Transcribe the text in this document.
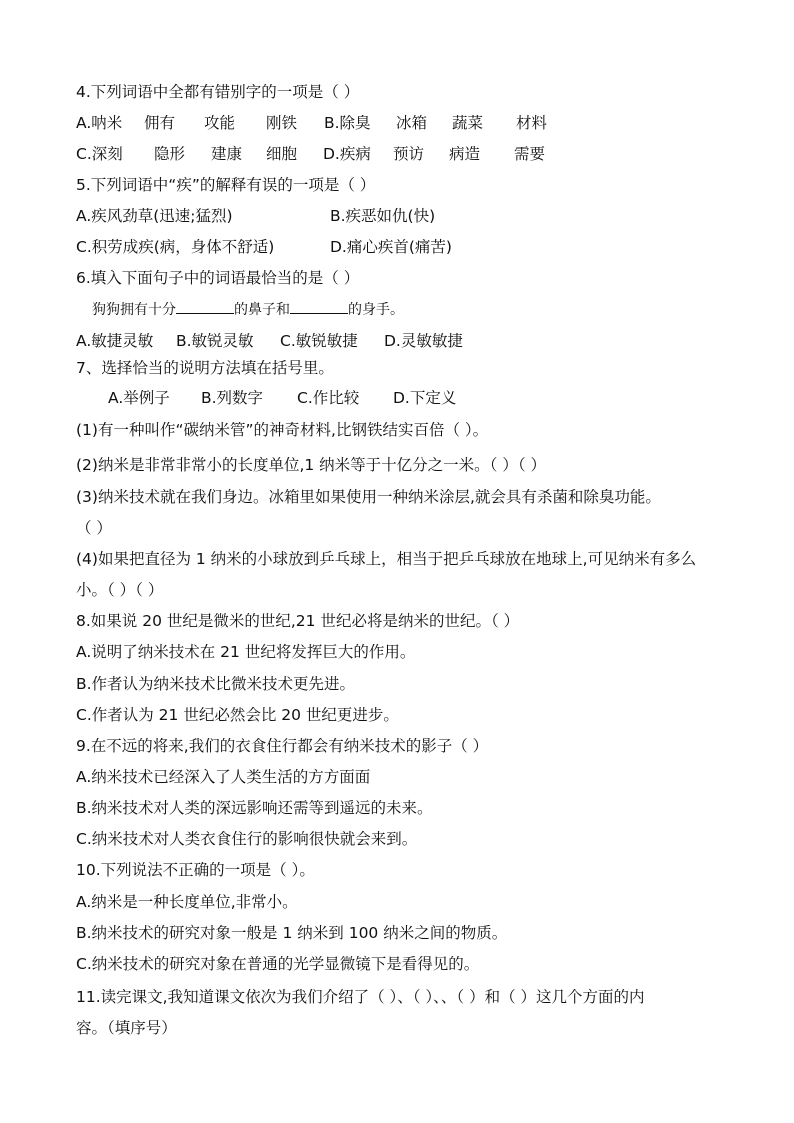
4.下列词语中全都有错别字的一项是（ ）
A.呐米 佣有 攻能 刚铁 B.除臭 冰箱 蔬菜 材料
C.深刻 隐形 建康 细胞 D.疾病 预访 病造 需要
5.下列词语中“疾”的解释有误的一项是（ ）
A.疾风劲草(迅速;猛烈)	B.疾恶如仇(快)
C.积劳成疾(病，身体不舒适)	D.痛心疾首(痛苦)
6.填入下面句子中的词语最恰当的是（ ）
狗狗拥有十分	的鼻子和	的身手。
A.敏捷灵敏 B.敏锐灵敏 C.敏锐敏捷 D.灵敏敏捷
7、选择恰当的说明方法填在括号里。
A.举例子 B.列数字 C.作比较 D.下定义
(1)有一种叫作“碳纳米管”的神奇材料,比钢铁结实百倍（ ）。
(2)纳米是非常非常小的长度单位,1 纳米等于十亿分之一米。（ ）（ ）
(3)纳米技术就在我们身边。冰箱里如果使用一种纳米涂层,就会具有杀菌和除臭功能。
（ ）
(4)如果把直径为 1 纳米的小球放到乒乓球上，相当于把乒乓球放在地球上,可见纳米有多么
小。（ ）（ ）
8.如果说 20 世纪是微米的世纪,21 世纪必将是纳米的世纪。（ ）
A.说明了纳米技术在 21 世纪将发挥巨大的作用。
B.作者认为纳米技术比微米技术更先进。
C.作者认为 21 世纪必然会比 20 世纪更进步。
9.在不远的将来,我们的衣食住行都会有纳米技术的影子（ ）
A.纳米技术已经深入了人类生活的方方面面
B.纳米技术对人类的深远影响还需等到遥远的未来。
C.纳米技术对人类衣食住行的影响很快就会来到。
10.下列说法不正确的一项是（ ）。
A.纳米是一种长度单位,非常小。
B.纳米技术的研究对象一般是 1 纳米到 100 纳米之间的物质。
C.纳米技术的研究对象在普通的光学显微镜下是看得见的。
11.读完课文,我知道课文依次为我们介绍了（ ）、（ ）、、（ ）和（ ）这几个方面的内
容。（填序号）
